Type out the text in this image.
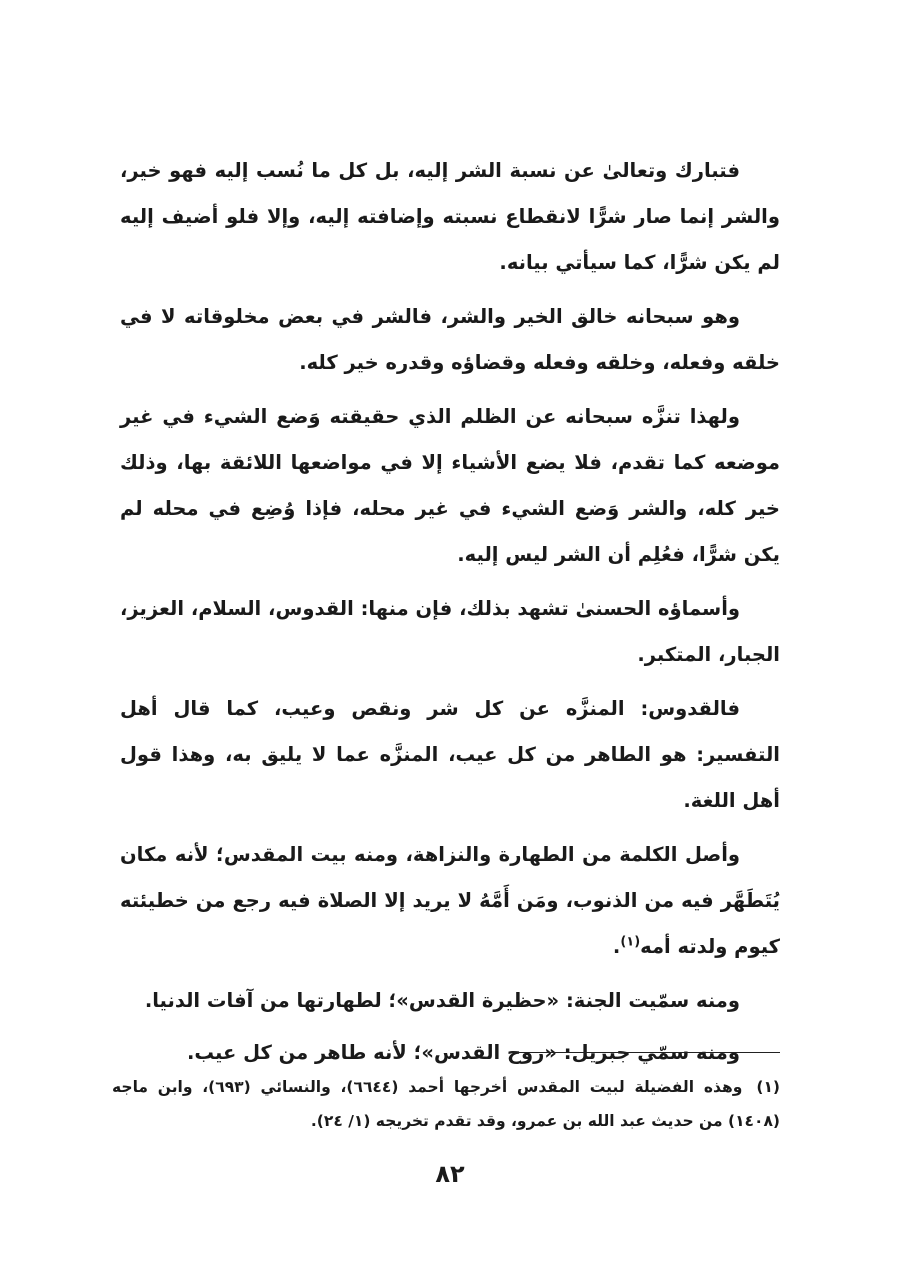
فتبارك وتعالىٰ عن نسبة الشر إليه، بل كل ما نُسب إليه فهو خير، والشر إنما صار شرًّا لانقطاع نسبته وإضافته إليه، وإلا فلو أضيف إليه لم يكن شرًّا، كما سيأتي بيانه.

وهو سبحانه خالق الخير والشر، فالشر في بعض مخلوقاته لا في خلقه وفعله، وخلقه وفعله وقضاؤه وقدره خير كله.

ولهذا تنزَّه سبحانه عن الظلم الذي حقيقته وَضع الشيء في غير موضعه كما تقدم، فلا يضع الأشياء إلا في مواضعها اللائقة بها، وذلك خير كله، والشر وَضع الشيء في غير محله، فإذا وُضِع في محله لم يكن شرًّا، فعُلِم أن الشر ليس إليه.

وأسماؤه الحسنىٰ تشهد بذلك، فإن منها: القدوس، السلام، العزيز، الجبار، المتكبر.

فالقدوس: المنزَّه عن كل شر ونقص وعيب، كما قال أهل التفسير: هو الطاهر من كل عيب، المنزَّه عما لا يليق به، وهذا قول أهل اللغة.

وأصل الكلمة من الطهارة والنزاهة، ومنه بيت المقدس؛ لأنه مكان يُتَطَهَّر فيه من الذنوب، ومَن أَمَّهُ لا يريد إلا الصلاة فيه رجع من خطيئته كيوم ولدته أمه$^{(١)}$.

ومنه سمّيت الجنة: «حظيرة القدس»؛ لطهارتها من آفات الدنيا.

ومنه سمّي جبريل: «روح القدس»؛ لأنه طاهر من كل عيب.

(١)وهذه الفضيلة لبيت المقدس أخرجها أحمد (٦٦٤٤)، والنسائي (٦٩٣)، وابن ماجه (١٤٠٨) من حديث عبد الله بن عمرو، وقد تقدم تخريجه (١/ ٢٤).

٨٢
